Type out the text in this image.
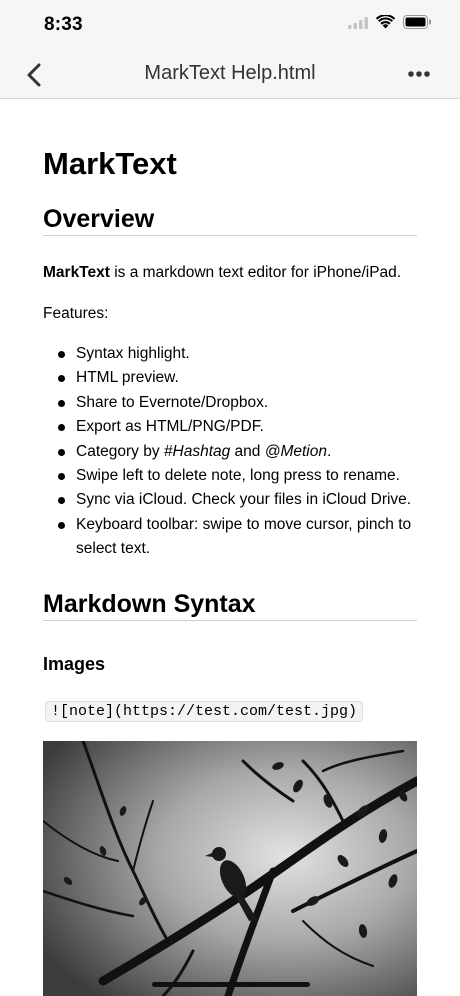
8:33
MarkText Help.html
MarkText
Overview
MarkText is a markdown text editor for iPhone/iPad.
Features:
Syntax highlight.
HTML preview.
Share to Evernote/Dropbox.
Export as HTML/PNG/PDF.
Category by #Hashtag and @Metion.
Swipe left to delete note, long press to rename.
Sync via iCloud. Check your files in iCloud Drive.
Keyboard toolbar: swipe to move cursor, pinch to select text.
Markdown Syntax
Images
![note](https://test.com/test.jpg)
